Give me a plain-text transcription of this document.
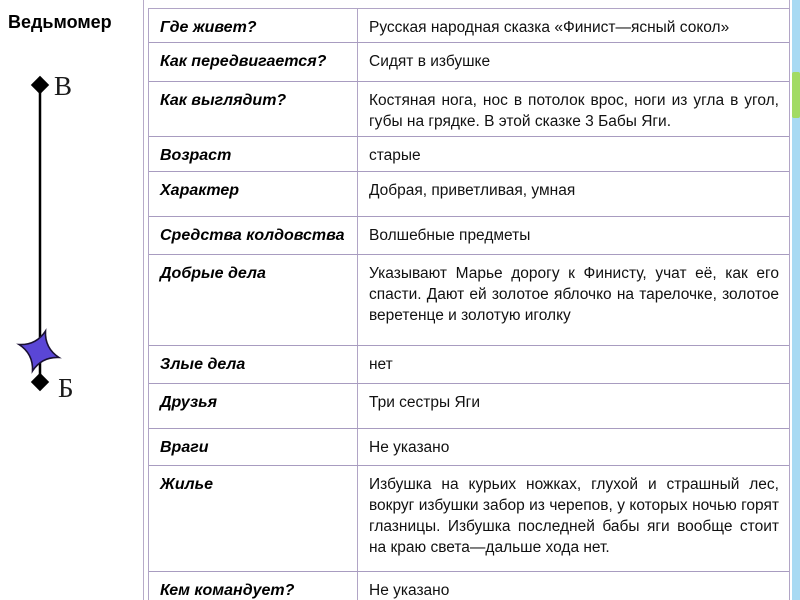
Ведьмомер
В
Б
Где живет?	Русская народная сказка «Финист—ясный сокол»
Как передвигается?	Сидят в избушке
Как выглядит?	Костяная нога, нос в потолок врос, ноги из угла в угол, губы на грядке. В этой сказке 3 Бабы Яги.
Возраст	старые
Характер	Добрая, приветливая, умная
Средства колдовства	Волшебные предметы
Добрые дела	Указывают Марье дорогу к Финисту, учат её, как его спасти. Дают ей золотое яблочко на тарелочке, золотое веретенце и золотую иголку
Злые дела	нет
Друзья	Три сестры Яги
Враги	Не указано
Жилье	Избушка на курьих ножках, глухой и страшный лес, вокруг избушки забор из черепов, у которых ночью горят глазницы. Избушка последней бабы яги вообще стоит на краю света—дальше хода нет.
Кем командует?	Не указано
